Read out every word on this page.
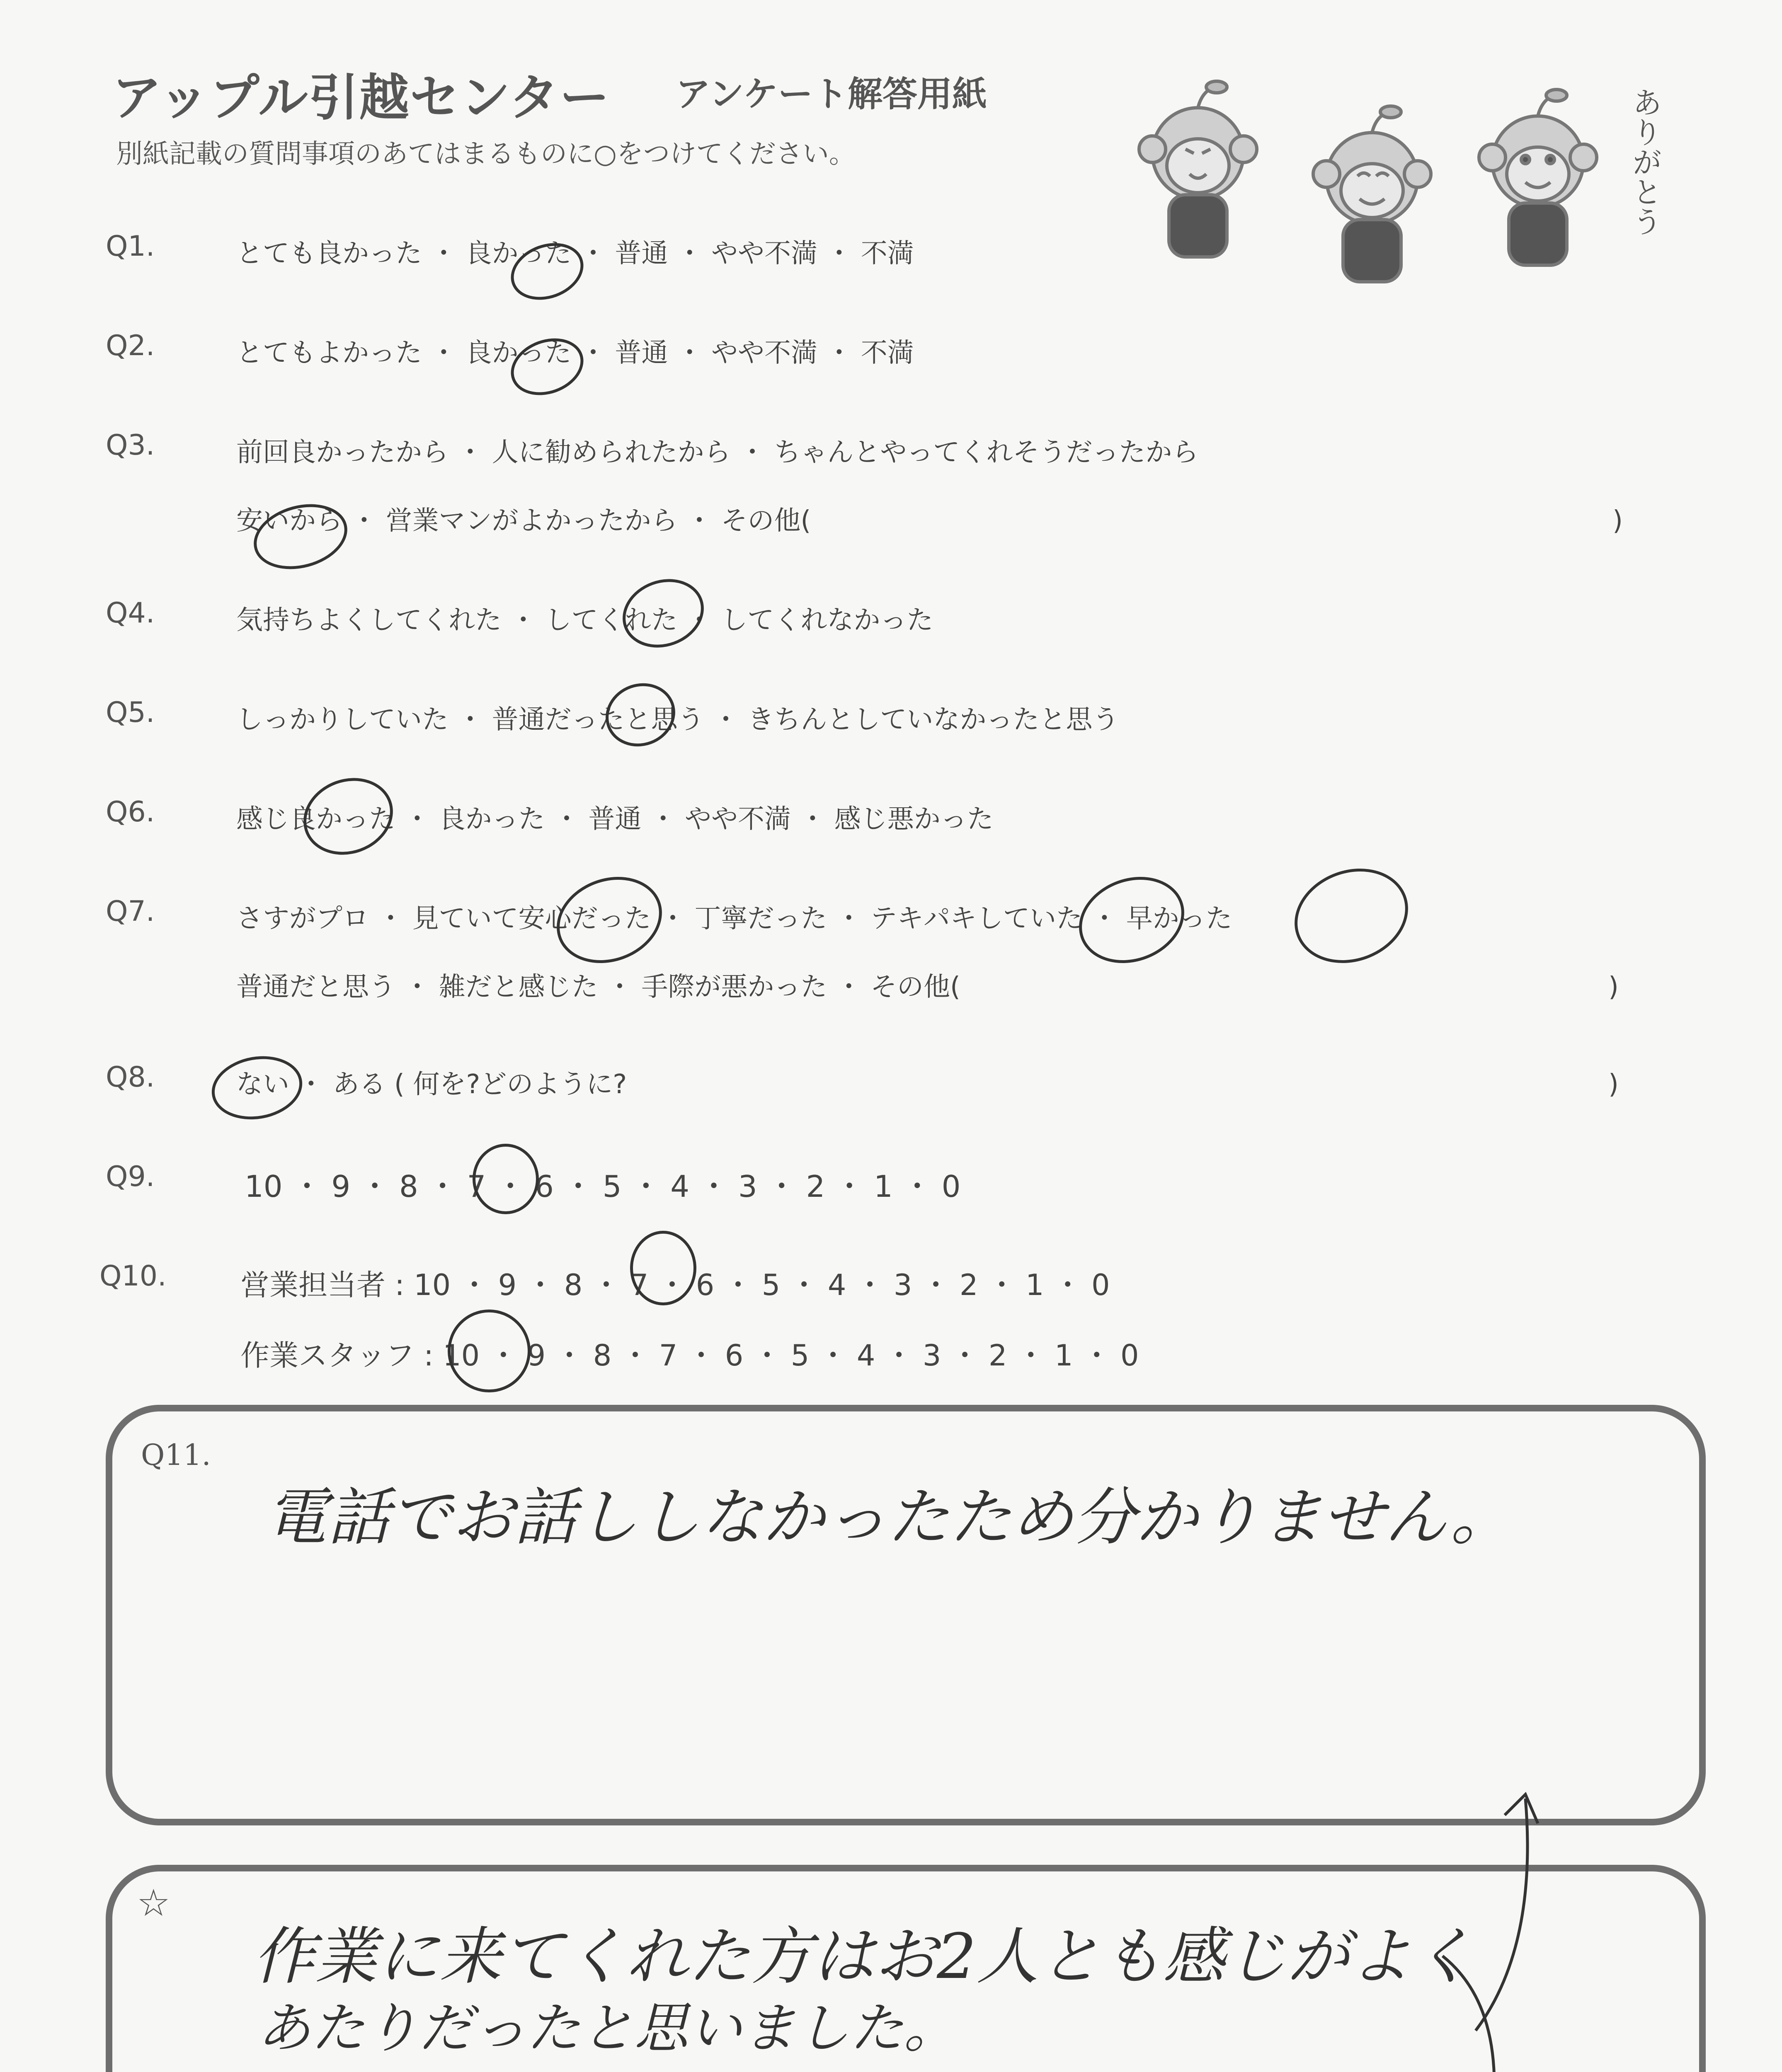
アップル引越センター アンケート解答用紙
別紙記載の質問事項のあてはまるものに○をつけてください。	ありがとう
Q1.	とても良かった ・ 良かった ・ 普通 ・ やや不満 ・ 不満
Q2.	とてもよかった ・ 良かった ・ 普通 ・ やや不満 ・ 不満
Q3.	前回良かったから ・ 人に勧められたから ・ ちゃんとやってくれそうだったから
安いから ・ 営業マンがよかったから ・ その他(	)
Q4.	気持ちよくしてくれた ・ してくれた ・ してくれなかった
Q5.	しっかりしていた ・ 普通だったと思う ・ きちんとしていなかったと思う
Q6.	感じ良かった ・ 良かった ・ 普通 ・ やや不満 ・ 感じ悪かった
Q7.	さすがプロ ・ 見ていて安心だった ・ 丁寧だった ・ テキパキしていた ・ 早かった
普通だと思う ・ 雑だと感じた ・ 手際が悪かった ・ その他(	)
Q8.	ない ・ ある ( 何を?どのように?	)
Q9.	10 ・ 9 ・ 8 ・ 7 ・ 6 ・ 5 ・ 4 ・ 3 ・ 2 ・ 1 ・ 0
Q10.	営業担当者 : 10 ・ 9 ・ 8 ・ 7 ・ 6 ・ 5 ・ 4 ・ 3 ・ 2 ・ 1 ・ 0
作業スタッフ : 10 ・ 9 ・ 8 ・ 7 ・ 6 ・ 5 ・ 4 ・ 3 ・ 2 ・ 1 ・ 0
Q11.
電話でお話ししなかったため分かりません。
☆
作業に来てくれた方はお2人とも感じがよく
あたりだったと思いました。
